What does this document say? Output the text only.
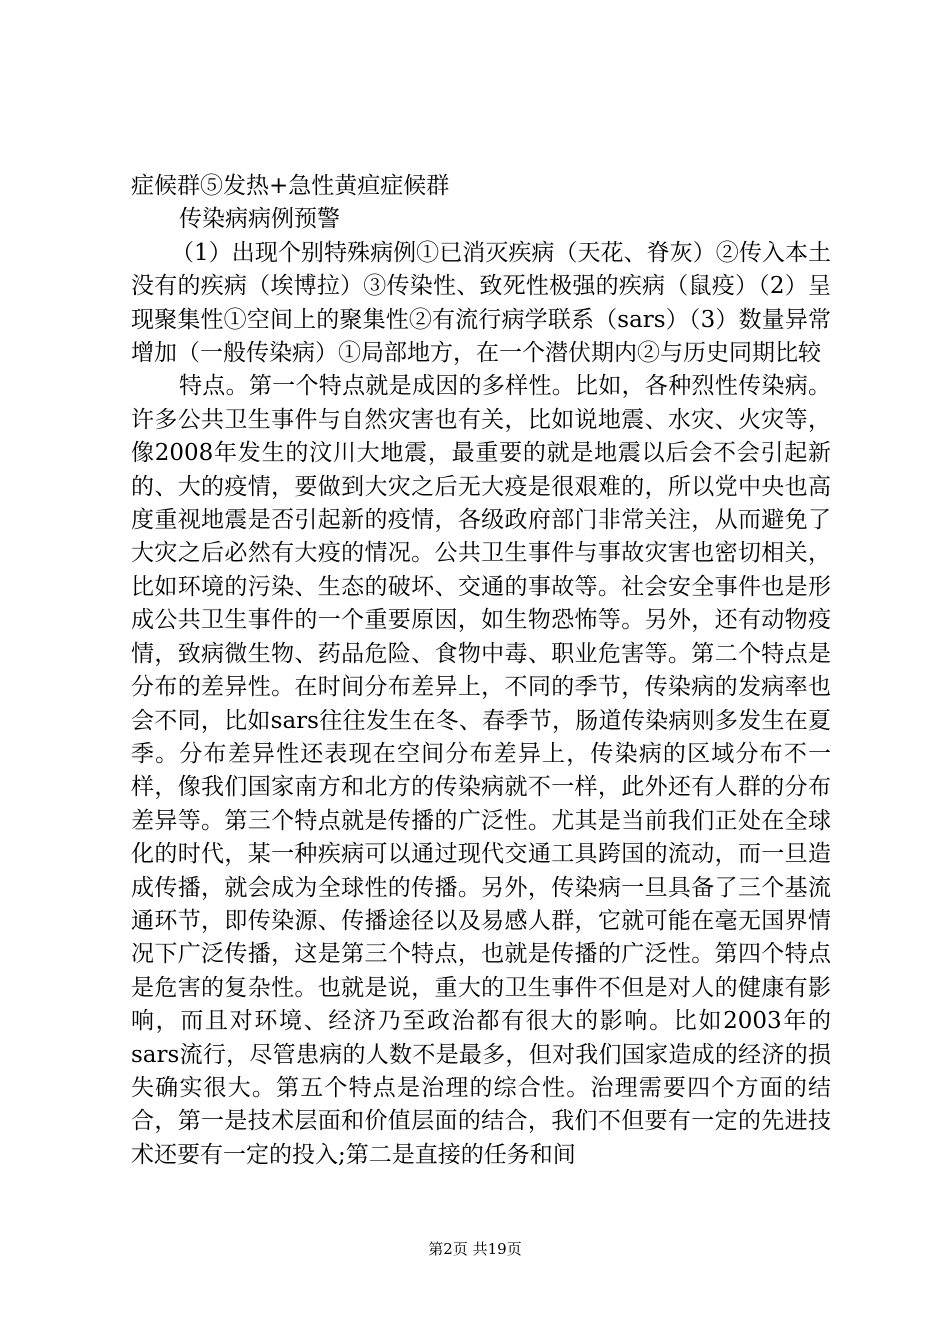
症候群⑤发热+急性黄疸症候群

传染病病例预警

（1）出现个别特殊病例①已消灭疾病（天花、脊灰）②传入本土没有的疾病（埃博拉）③传染性、致死性极强的疾病（鼠疫）（2）呈现聚集性①空间上的聚集性②有流行病学联系（sars）（3）数量异常增加（一般传染病）①局部地方，在一个潜伏期内②与历史同期比较

特点。第一个特点就是成因的多样性。比如，各种烈性传染病。许多公共卫生事件与自然灾害也有关，比如说地震、水灾、火灾等，像2008年发生的汶川大地震，最重要的就是地震以后会不会引起新的、大的疫情，要做到大灾之后无大疫是很艰难的，所以党中央也高度重视地震是否引起新的疫情，各级政府部门非常关注，从而避免了大灾之后必然有大疫的情况。公共卫生事件与事故灾害也密切相关，比如环境的污染、生态的破坏、交通的事故等。社会安全事件也是形成公共卫生事件的一个重要原因，如生物恐怖等。另外，还有动物疫情，致病微生物、药品危险、食物中毒、职业危害等。第二个特点是分布的差异性。在时间分布差异上，不同的季节，传染病的发病率也会不同，比如sars往往发生在冬、春季节，肠道传染病则多发生在夏季。分布差异性还表现在空间分布差异上，传染病的区域分布不一样，像我们国家南方和北方的传染病就不一样，此外还有人群的分布差异等。第三个特点就是传播的广泛性。尤其是当前我们正处在全球化的时代，某一种疾病可以通过现代交通工具跨国的流动，而一旦造成传播，就会成为全球性的传播。另外，传染病一旦具备了三个基流通环节，即传染源、传播途径以及易感人群，它就可能在毫无国界情况下广泛传播，这是第三个特点，也就是传播的广泛性。第四个特点是危害的复杂性。也就是说，重大的卫生事件不但是对人的健康有影响，而且对环境、经济乃至政治都有很大的影响。比如2003年的sars流行，尽管患病的人数不是最多，但对我们国家造成的经济的损失确实很大。第五个特点是治理的综合性。治理需要四个方面的结合，第一是技术层面和价值层面的结合，我们不但要有一定的先进技术还要有一定的投入;第二是直接的任务和间

第2页 共19页
